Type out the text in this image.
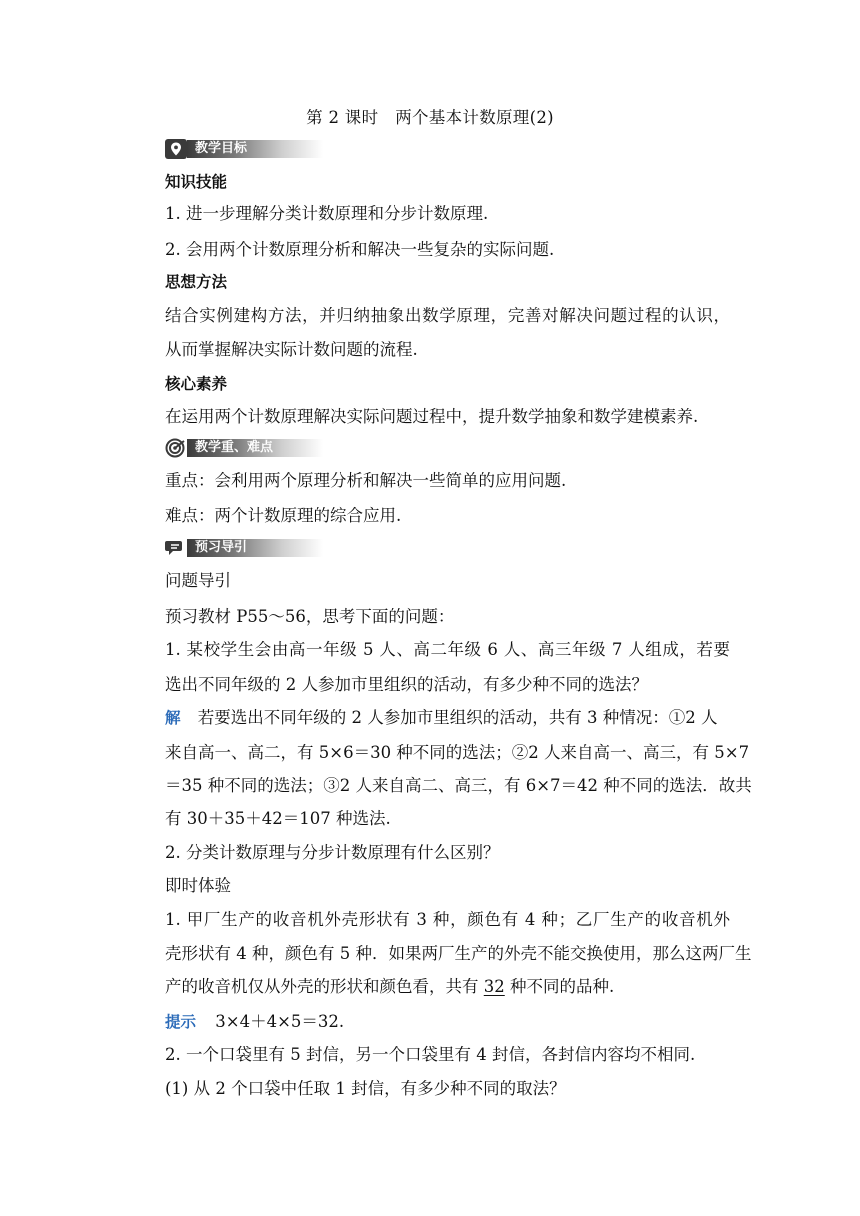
第 2 课时　两个基本计数原理(2)
教学目标
知识技能
1. 进一步理解分类计数原理和分步计数原理.
2. 会用两个计数原理分析和解决一些复杂的实际问题.
思想方法
结合实例建构方法，并归纳抽象出数学原理，完善对解决问题过程的认识，
从而掌握解决实际计数问题的流程.
核心素养
在运用两个计数原理解决实际问题过程中，提升数学抽象和数学建模素养.
教学重、难点
重点：会利用两个原理分析和解决一些简单的应用问题.
难点：两个计数原理的综合应用.
预习导引
问题导引
预习教材 P55～56，思考下面的问题：
1. 某校学生会由高一年级 5 人、高二年级 6 人、高三年级 7 人组成，若要
选出不同年级的 2 人参加市里组织的活动，有多少种不同的选法？
解 若要选出不同年级的 2 人参加市里组织的活动，共有 3 种情况：①2 人
来自高一、高二，有 5×6＝30 种不同的选法；②2 人来自高一、高三，有 5×7
＝35 种不同的选法；③2 人来自高二、高三，有 6×7＝42 种不同的选法．故共
有 30＋35＋42＝107 种选法.
2. 分类计数原理与分步计数原理有什么区别？
即时体验
1. 甲厂生产的收音机外壳形状有 3 种，颜色有 4 种；乙厂生产的收音机外
壳形状有 4 种，颜色有 5 种．如果两厂生产的外壳不能交换使用，那么这两厂生
产的收音机仅从外壳的形状和颜色看，共有 32 种不同的品种.
提示 3×4＋4×5＝32.
2. 一个口袋里有 5 封信，另一个口袋里有 4 封信，各封信内容均不相同.
(1) 从 2 个口袋中任取 1 封信，有多少种不同的取法？
